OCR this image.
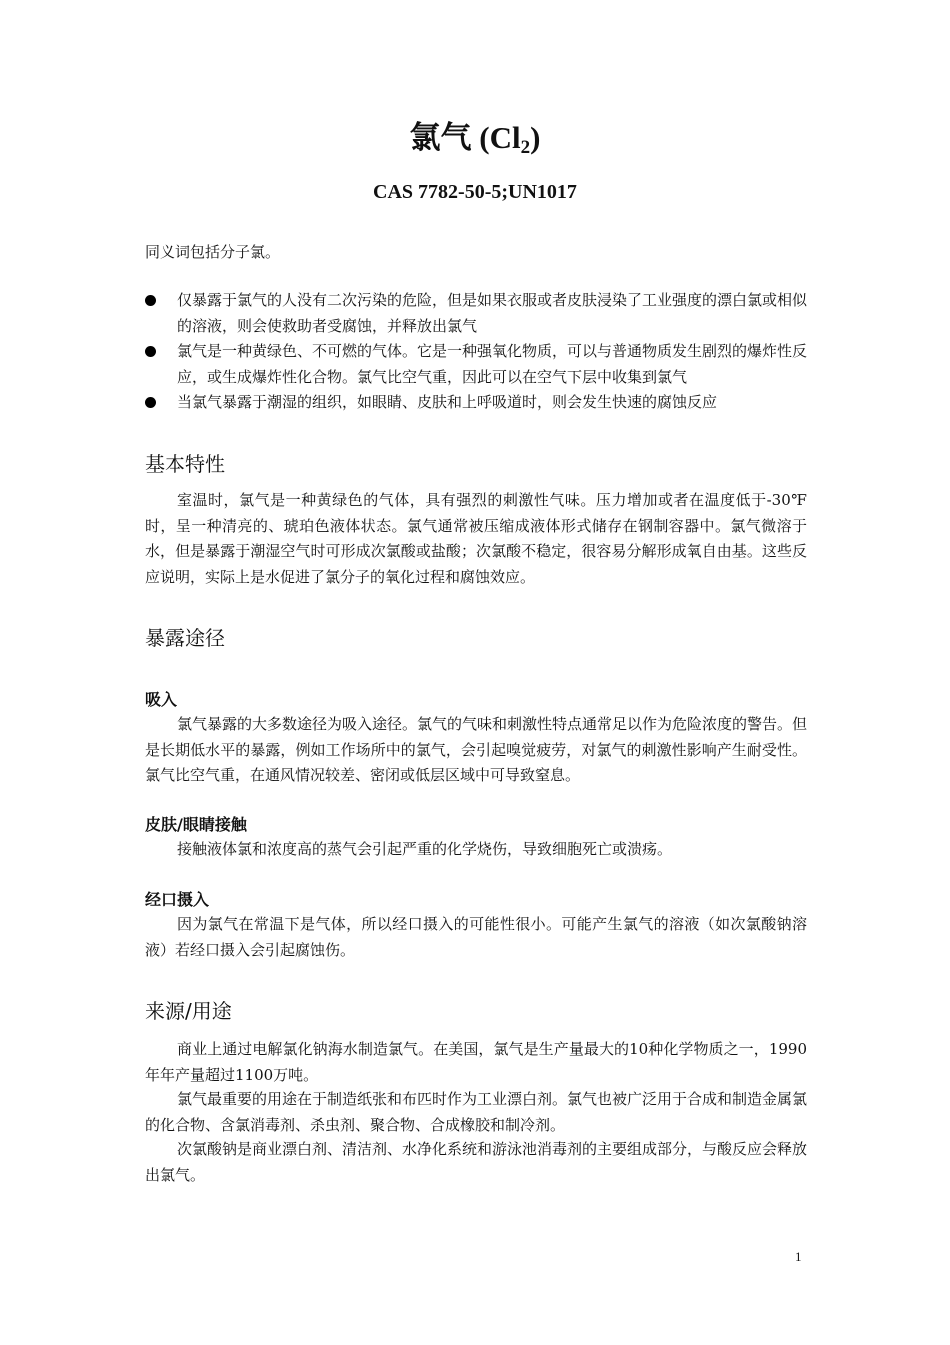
氯气 $(Cl_2)$
CAS 7782-50-5;UN1017
同义词包括分子氯。
仅暴露于氯气的人没有二次污染的危险，但是如果衣服或者皮肤浸染了工业强度的漂白氯或相似的溶液，则会使救助者受腐蚀，并释放出氯气
氯气是一种黄绿色、不可燃的气体。它是一种强氧化物质，可以与普通物质发生剧烈的爆炸性反应，或生成爆炸性化合物。氯气比空气重，因此可以在空气下层中收集到氯气
当氯气暴露于潮湿的组织，如眼睛、皮肤和上呼吸道时，则会发生快速的腐蚀反应
基本特性
室温时，氯气是一种黄绿色的气体，具有强烈的刺激性气味。压力增加或者在温度低于-30℉时，呈一种清亮的、琥珀色液体状态。氯气通常被压缩成液体形式储存在钢制容器中。氯气微溶于水，但是暴露于潮湿空气时可形成次氯酸或盐酸；次氯酸不稳定，很容易分解形成氧自由基。这些反应说明，实际上是水促进了氯分子的氧化过程和腐蚀效应。
暴露途径
吸入
氯气暴露的大多数途径为吸入途径。氯气的气味和刺激性特点通常足以作为危险浓度的警告。但是长期低水平的暴露，例如工作场所中的氯气，会引起嗅觉疲劳，对氯气的刺激性影响产生耐受性。氯气比空气重，在通风情况较差、密闭或低层区域中可导致窒息。
皮肤/眼睛接触
接触液体氯和浓度高的蒸气会引起严重的化学烧伤，导致细胞死亡或溃疡。
经口摄入
因为氯气在常温下是气体，所以经口摄入的可能性很小。可能产生氯气的溶液（如次氯酸钠溶液）若经口摄入会引起腐蚀伤。
来源/用途
商业上通过电解氯化钠海水制造氯气。在美国，氯气是生产量最大的10种化学物质之一，1990年年产量超过1100万吨。
氯气最重要的用途在于制造纸张和布匹时作为工业漂白剂。氯气也被广泛用于合成和制造金属氯的化合物、含氯消毒剂、杀虫剂、聚合物、合成橡胶和制冷剂。
次氯酸钠是商业漂白剂、清洁剂、水净化系统和游泳池消毒剂的主要组成部分，与酸反应会释放出氯气。
1
